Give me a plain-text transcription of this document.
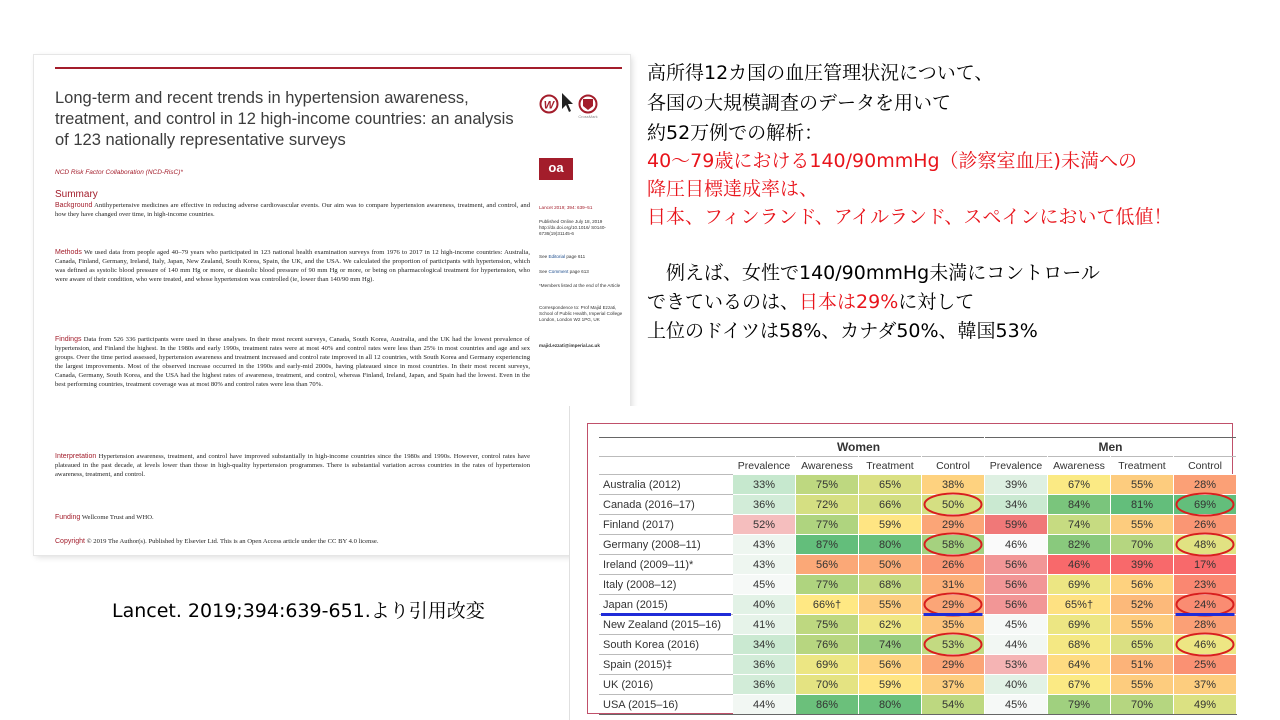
Long-term and recent trends in hypertension awareness, treatment, and control in 12 high-income countries: an analysis of 123 nationally representative surveys
W
CrossMark
oa
NCD Risk Factor Collaboration (NCD-RisC)*
Summary
Background Antihypertensive medicines are effective in reducing adverse cardiovascular events. Our aim was to compare hypertension awareness, treatment, and control, and how they have changed over time, in high-income countries.
Methods We used data from people aged 40–79 years who participated in 123 national health examination surveys from 1976 to 2017 in 12 high-income countries: Australia, Canada, Finland, Germany, Ireland, Italy, Japan, New Zealand, South Korea, Spain, the UK, and the USA. We calculated the proportion of participants with hypertension, which was defined as systolic blood pressure of 140 mm Hg or more, or diastolic blood pressure of 90 mm Hg or more, or being on pharmacological treatment for hypertension, who were aware of their condition, who were treated, and whose hypertension was controlled (ie, lower than 140/90 mm Hg).
Findings Data from 526 336 participants were used in these analyses. In their most recent surveys, Canada, South Korea, Australia, and the UK had the lowest prevalence of hypertension, and Finland the highest. In the 1980s and early 1990s, treatment rates were at most 40% and control rates were less than 25% in most countries and age and sex groups. Over the time period assessed, hypertension awareness and treatment increased and control rate improved in all 12 countries, with South Korea and Germany experiencing the largest improvements. Most of the observed increase occurred in the 1990s and early-mid 2000s, having plateaued since in most countries. In their most recent surveys, Canada, Germany, South Korea, and the USA had the highest rates of awareness, treatment, and control, whereas Finland, Ireland, Japan, and Spain had the lowest. Even in the best performing countries, treatment coverage was at most 80% and control rates were less than 70%.
Interpretation Hypertension awareness, treatment, and control have improved substantially in high-income countries since the 1980s and 1990s. However, control rates have plateaued in the past decade, at levels lower than those in high-quality hypertension programmes. There is substantial variation across countries in the rates of hypertension awareness, treatment, and control.
Funding Wellcome Trust and WHO.
Copyright © 2019 The Author(s). Published by Elsevier Ltd. This is an Open Access article under the CC BY 4.0 license.
Lancet 2019; 394: 639–51
Published Online July 18, 2019 http://dx.doi.org/10.1016/ S0140-6736(19)31145-6
See Editorial page 611
See Comment page 613
*Members listed at the end of the Article
Correspondence to: Prof Majid Ezzati, School of Public Health, Imperial College London, London W2 1PG, UK
majid.ezzati@imperial.ac.uk
高所得12カ国の血圧管理状況について、
各国の大規模調査のデータを用いて
約52万例での解析：
40～79歳における140/90mmHg（診察室血圧)未満への
降圧目標達成率は、
日本、フィンランド、アイルランド、スペインにおいて低値！
　例えば、女性で140/90mmHg未満にコントロール
できているのは、日本は29%に対して
上位のドイツは58%、カナダ50%、韓国53%
Lancet. 2019;394:639-651.より引用改変
	Women				Men			
	Prevalence	Awareness	Treatment	Control	Prevalence	Awareness	Treatment	Control
Australia (2012)	33%	75%	65%	38%	39%	67%	55%	28%
Canada (2016–17)	36%	72%	66%	50%	34%	84%	81%	69%
Finland (2017)	52%	77%	59%	29%	59%	74%	55%	26%
Germany (2008–11)	43%	87%	80%	58%	46%	82%	70%	48%
Ireland (2009–11)*	43%	56%	50%	26%	56%	46%	39%	17%
Italy (2008–12)	45%	77%	68%	31%	56%	69%	56%	23%
Japan (2015)	40%	66%†	55%	29%	56%	65%†	52%	24%
New Zealand (2015–16)	41%	75%	62%	35%	45%	69%	55%	28%
South Korea (2016)	34%	76%	74%	53%	44%	68%	65%	46%
Spain (2015)‡	36%	69%	56%	29%	53%	64%	51%	25%
UK (2016)	36%	70%	59%	37%	40%	67%	55%	37%
USA (2015–16)	44%	86%	80%	54%	45%	79%	70%	49%
